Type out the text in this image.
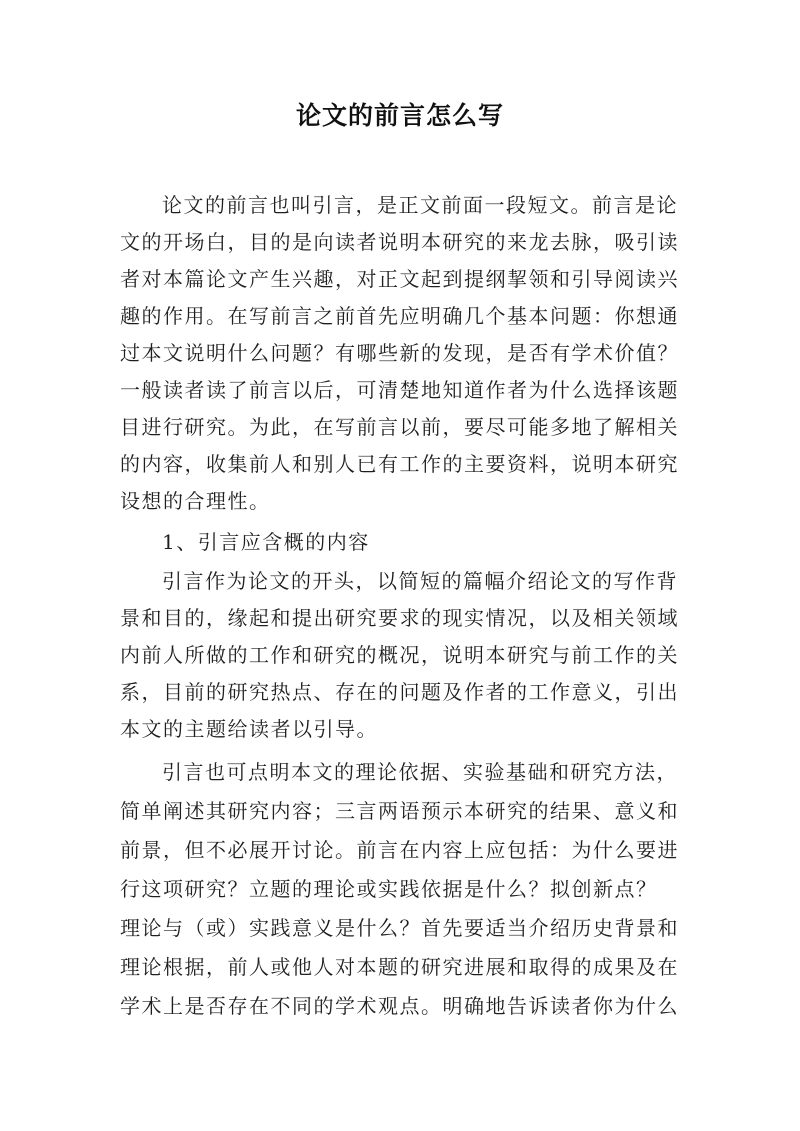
论文的前言怎么写
论文的前言也叫引言，是正文前面一段短文。前言是论
文的开场白，目的是向读者说明本研究的来龙去脉，吸引读
者对本篇论文产生兴趣，对正文起到提纲挈领和引导阅读兴
趣的作用。在写前言之前首先应明确几个基本问题：你想通
过本文说明什么问题？有哪些新的发现，是否有学术价值？
一般读者读了前言以后，可清楚地知道作者为什么选择该题
目进行研究。为此，在写前言以前，要尽可能多地了解相关
的内容，收集前人和别人已有工作的主要资料，说明本研究
设想的合理性。
1、引言应含概的内容
引言作为论文的开头，以简短的篇幅介绍论文的写作背
景和目的，缘起和提出研究要求的现实情况，以及相关领域
内前人所做的工作和研究的概况，说明本研究与前工作的关
系，目前的研究热点、存在的问题及作者的工作意义，引出
本文的主题给读者以引导。
引言也可点明本文的理论依据、实验基础和研究方法，
简单阐述其研究内容；三言两语预示本研究的结果、意义和
前景，但不必展开讨论。前言在内容上应包括：为什么要进
行这项研究？立题的理论或实践依据是什么？拟创新点？
理论与（或）实践意义是什么？首先要适当介绍历史背景和
理论根据，前人或他人对本题的研究进展和取得的成果及在
学术上是否存在不同的学术观点。明确地告诉读者你为什么
